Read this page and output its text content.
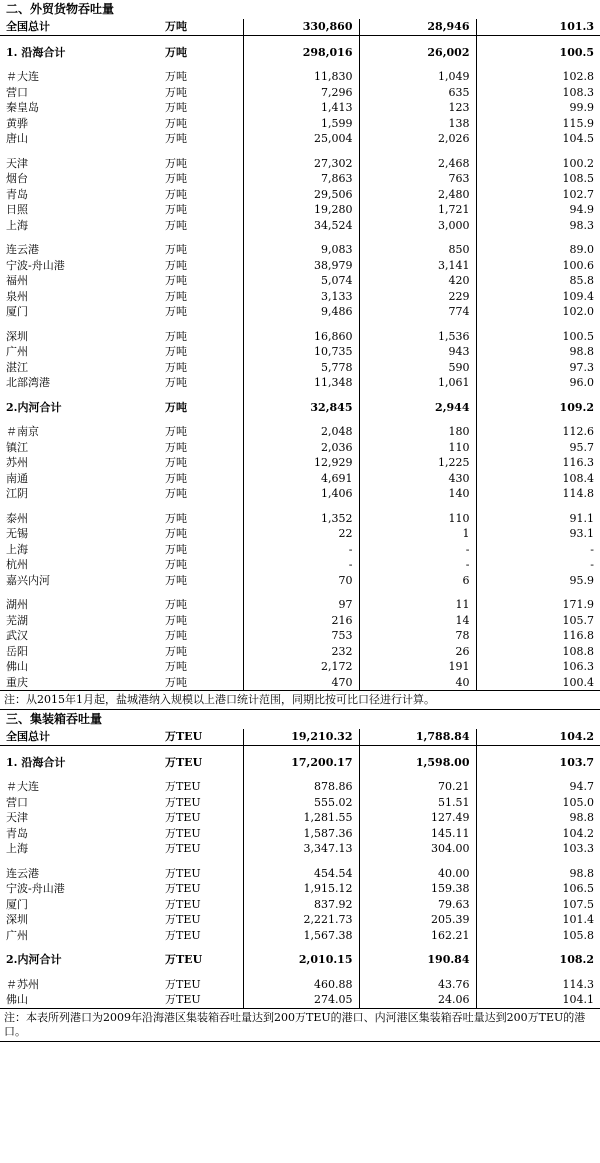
二、外贸货物吞吐量
全国总计	万吨	330,860	28,946	101.3

1. 沿海合计	万吨	298,016	26,002	100.5

＃大连	万吨	11,830	1,049	102.8
营口	万吨	7,296	635	108.3
秦皇岛	万吨	1,413	123	99.9
黄骅	万吨	1,599	138	115.9
唐山	万吨	25,004	2,026	104.5

天津	万吨	27,302	2,468	100.2
烟台	万吨	7,863	763	108.5
青岛	万吨	29,506	2,480	102.7
日照	万吨	19,280	1,721	94.9
上海	万吨	34,524	3,000	98.3

连云港	万吨	9,083	850	89.0
宁波-舟山港	万吨	38,979	3,141	100.6
福州	万吨	5,074	420	85.8
泉州	万吨	3,133	229	109.4
厦门	万吨	9,486	774	102.0

深圳	万吨	16,860	1,536	100.5
广州	万吨	10,735	943	98.8
湛江	万吨	5,778	590	97.3
北部湾港	万吨	11,348	1,061	96.0

2.内河合计	万吨	32,845	2,944	109.2

＃南京	万吨	2,048	180	112.6
镇江	万吨	2,036	110	95.7
苏州	万吨	12,929	1,225	116.3
南通	万吨	4,691	430	108.4
江阴	万吨	1,406	140	114.8

泰州	万吨	1,352	110	91.1
无锡	万吨	22	1	93.1
上海	万吨	-	-	-
杭州	万吨	-	-	-
嘉兴内河	万吨	70	6	95.9

湖州	万吨	97	11	171.9
芜湖	万吨	216	14	105.7
武汉	万吨	753	78	116.8
岳阳	万吨	232	26	108.8
佛山	万吨	2,172	191	106.3
重庆	万吨	470	40	100.4
注：从2015年1月起，盐城港纳入规模以上港口统计范围，同期比按可比口径进行计算。
三、集装箱吞吐量
全国总计	万TEU	19,210.32	1,788.84	104.2

1. 沿海合计	万TEU	17,200.17	1,598.00	103.7

＃大连	万TEU	878.86	70.21	94.7
营口	万TEU	555.02	51.51	105.0
天津	万TEU	1,281.55	127.49	98.8
青岛	万TEU	1,587.36	145.11	104.2
上海	万TEU	3,347.13	304.00	103.3

连云港	万TEU	454.54	40.00	98.8
宁波-舟山港	万TEU	1,915.12	159.38	106.5
厦门	万TEU	837.92	79.63	107.5
深圳	万TEU	2,221.73	205.39	101.4
广州	万TEU	1,567.38	162.21	105.8

2.内河合计	万TEU	2,010.15	190.84	108.2

＃苏州	万TEU	460.88	43.76	114.3
佛山	万TEU	274.05	24.06	104.1
注：本表所列港口为2009年沿海港区集装箱吞吐量达到200万TEU的港口、内河港区集装箱吞吐量达到200万TEU的港口。
